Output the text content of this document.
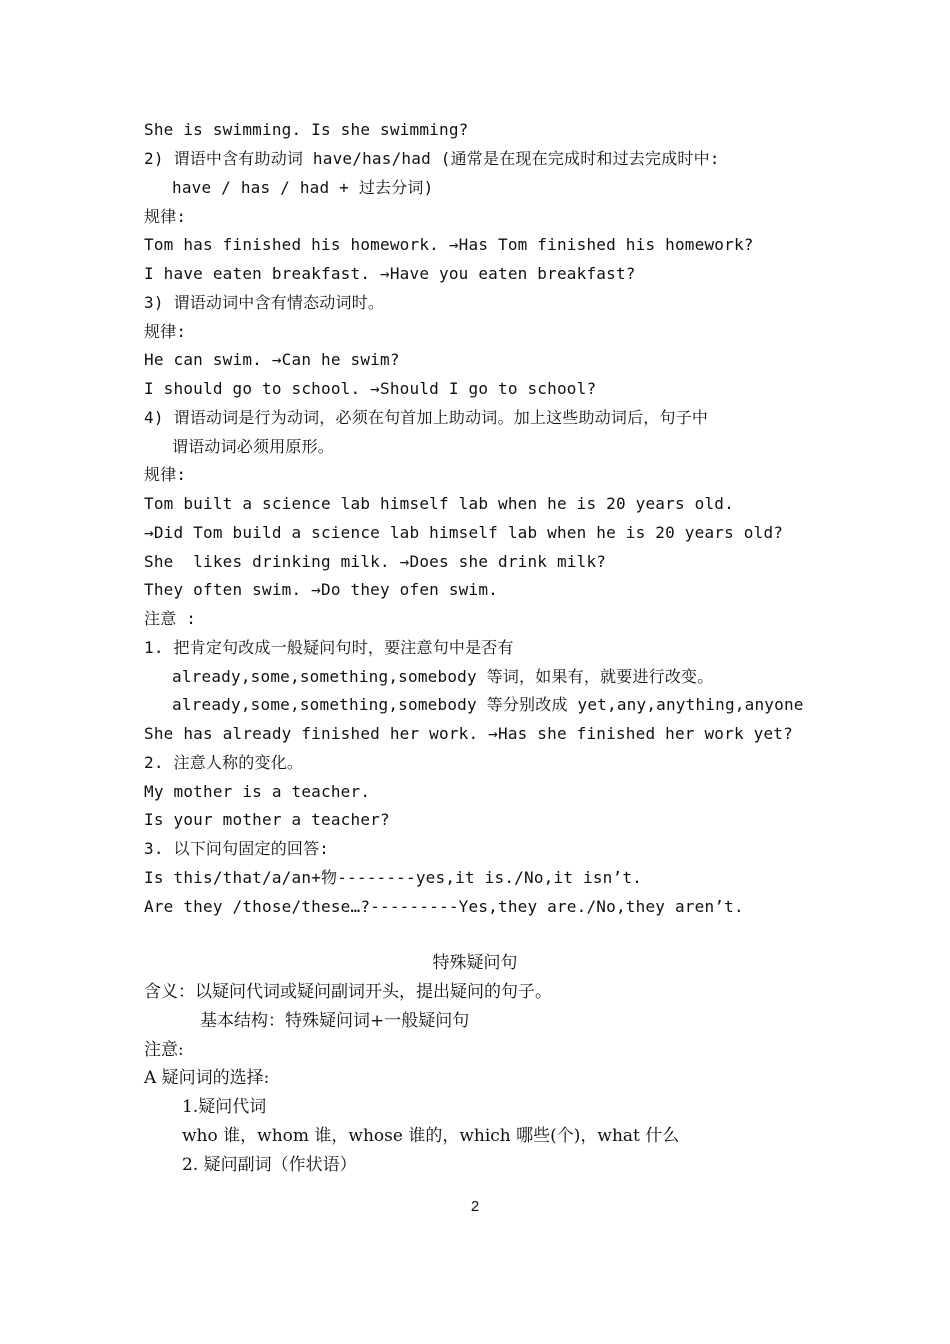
She is swimming. Is she swimming?
2) 谓语中含有助动词 have/has/had (通常是在现在完成时和过去完成时中:
have / has / had + 过去分词)
规律:
Tom has finished his homework. →Has Tom finished his homework?
I have eaten breakfast. →Have you eaten breakfast?
3) 谓语动词中含有情态动词时。
规律:
He can swim. →Can he swim?
I should go to school. →Should I go to school?
4) 谓语动词是行为动词，必须在句首加上助动词。加上这些助动词后，句子中
谓语动词必须用原形。
规律:
Tom built a science lab himself lab when he is 20 years old.
→Did Tom build a science lab himself lab when he is 20 years old?
She  likes drinking milk. →Does she drink milk?
They often swim. →Do they ofen swim.
注意 :
1. 把肯定句改成一般疑问句时，要注意句中是否有
already,some,something,somebody 等词，如果有，就要进行改变。
already,some,something,somebody 等分别改成 yet,any,anything,anyone
She has already finished her work. →Has she finished her work yet?
2. 注意人称的变化。
My mother is a teacher.
Is your mother a teacher?
3. 以下问句固定的回答:
Is this/that/a/an+物--------yes,it is./No,it isn’t.
Are they /those/these…?---------Yes,they are./No,they aren’t.
特殊疑问句
含义：以疑问代词或疑问副词开头，提出疑问的句子。
基本结构：特殊疑问词+一般疑问句
注意:
A 疑问词的选择:
1.疑问代词
who 谁，whom 谁，whose 谁的，which 哪些(个)，what 什么
2. 疑问副词（作状语）
2
